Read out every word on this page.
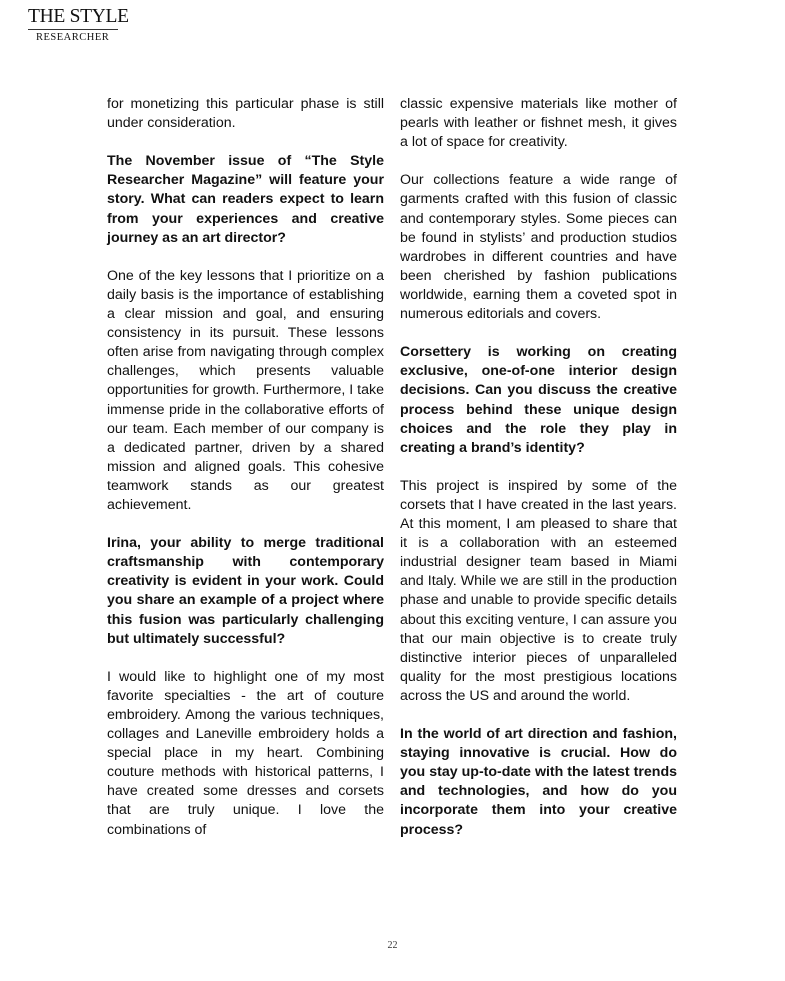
THE STYLE
RESEARCHER

for monetizing this particular phase is still under consideration.

The November issue of “The Style Researcher Magazine” will feature your story. What can readers expect to learn from your experiences and creative journey as an art director?

One of the key lessons that I prioritize on a daily basis is the importance of establishing a clear mission and goal, and ensuring consistency in its pursuit. These lessons often arise from navigating through complex challenges, which presents valuable opportunities for growth. Furthermore, I take immense pride in the collaborative efforts of our team. Each member of our company is a dedicated partner, driven by a shared mission and aligned goals. This cohesive teamwork stands as our greatest achievement.

Irina, your ability to merge traditional craftsmanship with contemporary creativity is evident in your work. Could you share an example of a project where this fusion was particularly challenging but ultimately successful?

I would like to highlight one of my most favorite specialties - the art of couture embroidery. Among the various techniques, collages and Laneville embroidery holds a special place in my heart. Combining couture methods with historical patterns, I have created some dresses and corsets that are truly unique. I love the combinations of

classic expensive materials like mother of pearls with leather or fishnet mesh, it gives a lot of space for creativity.

Our collections feature a wide range of garments crafted with this fusion of classic and contemporary styles. Some pieces can be found in stylists’ and production studios wardrobes in different countries and have been cherished by fashion publications worldwide, earning them a coveted spot in numerous editorials and covers.

Corsettery is working on creating exclusive, one-of-one interior design decisions. Can you discuss the creative process behind these unique design choices and the role they play in creating a brand’s identity?

This project is inspired by some of the corsets that I have created in the last years. At this moment, I am pleased to share that it is a collaboration with an esteemed industrial designer team based in Miami and Italy. While we are still in the production phase and unable to provide specific details about this exciting venture, I can assure you that our main objective is to create truly distinctive interior pieces of unparalleled quality for the most prestigious locations across the US and around the world.

In the world of art direction and fashion, staying innovative is crucial. How do you stay up-to-date with the latest trends and technologies, and how do you incorporate them into your creative process?

22
